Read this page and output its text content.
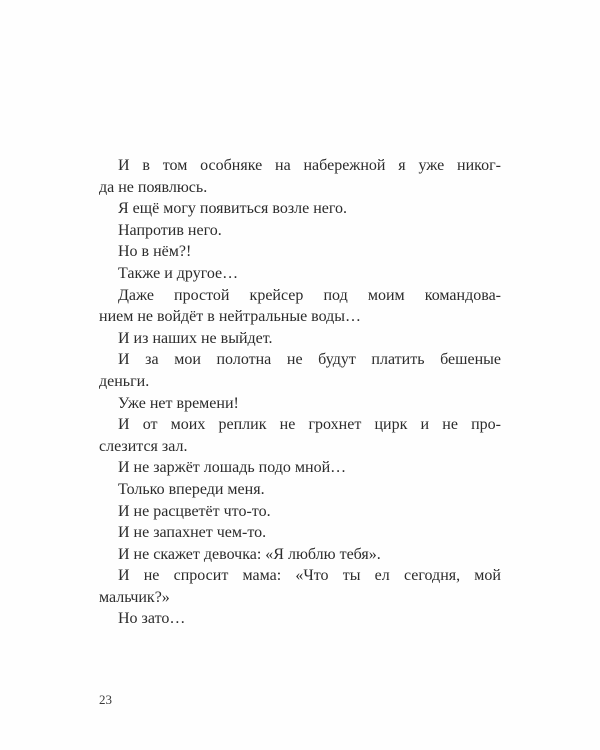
И в том особняке на набережной я уже никог-
да не появлюсь.

Я ещё могу появиться возле него.

Напротив него.

Но в нём?!

Также и другое…

Даже простой крейсер под моим командова-
нием не войдёт в нейтральные воды…

И из наших не выйдет.

И за мои полотна не будут платить бешеные
деньги.

Уже нет времени!

И от моих реплик не грохнет цирк и не про-
слезится зал.

И не заржёт лошадь подо мной…

Только впереди меня.

И не расцветёт что-то.

И не запахнет чем-то.

И не скажет девочка: «Я люблю тебя».

И не спросит мама: «Что ты ел сегодня, мой
мальчик?»

Но зато…

23
